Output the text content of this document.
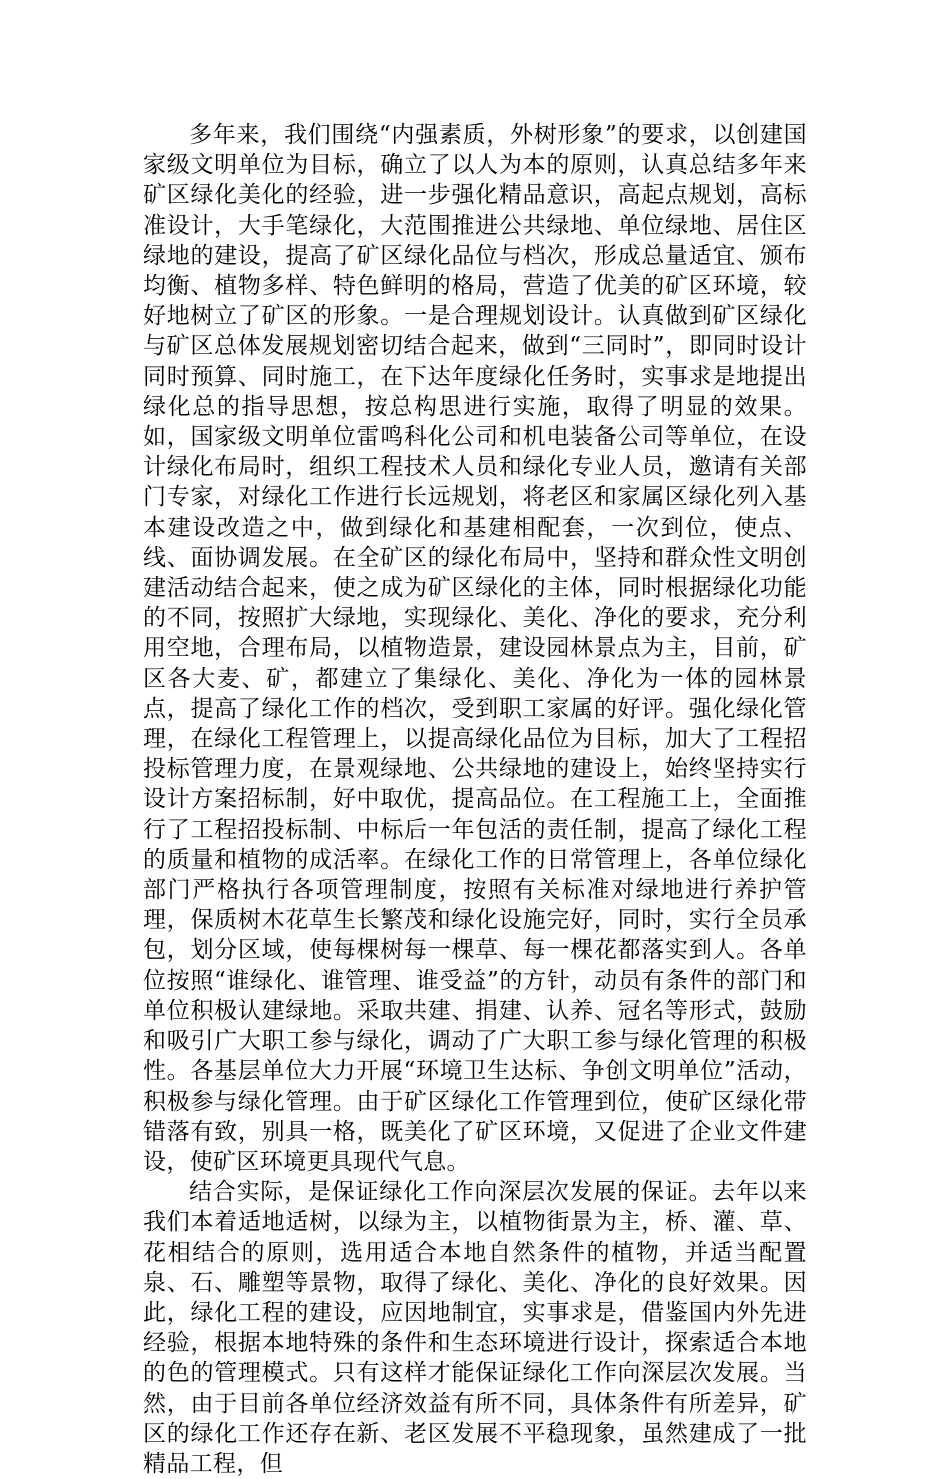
多年来，我们围绕“内强素质，外树形象”的要求，以创建国家级文明单位为目标，确立了以人为本的原则，认真总结多年来矿区绿化美化的经验，进一步强化精品意识，高起点规划，高标准设计，大手笔绿化，大范围推进公共绿地、单位绿地、居住区绿地的建设，提高了矿区绿化品位与档次，形成总量适宜、颁布均衡、植物多样、特色鲜明的格局，营造了优美的矿区环境，较好地树立了矿区的形象。一是合理规划设计。认真做到矿区绿化与矿区总体发展规划密切结合起来，做到“三同时”，即同时设计同时预算、同时施工，在下达年度绿化任务时，实事求是地提出绿化总的指导思想，按总构思进行实施，取得了明显的效果。如，国家级文明单位雷鸣科化公司和机电装备公司等单位，在设计绿化布局时，组织工程技术人员和绿化专业人员，邀请有关部门专家，对绿化工作进行长远规划，将老区和家属区绿化列入基本建设改造之中，做到绿化和基建相配套，一次到位，使点、线、面协调发展。在全矿区的绿化布局中，坚持和群众性文明创建活动结合起来，使之成为矿区绿化的主体，同时根据绿化功能的不同，按照扩大绿地，实现绿化、美化、净化的要求，充分利用空地，合理布局，以植物造景，建设园林景点为主，目前，矿区各大麦、矿，都建立了集绿化、美化、净化为一体的园林景点，提高了绿化工作的档次，受到职工家属的好评。强化绿化管理，在绿化工程管理上，以提高绿化品位为目标，加大了工程招投标管理力度，在景观绿地、公共绿地的建设上，始终坚持实行设计方案招标制，好中取优，提高品位。在工程施工上，全面推行了工程招投标制、中标后一年包活的责任制，提高了绿化工程的质量和植物的成活率。在绿化工作的日常管理上，各单位绿化部门严格执行各项管理制度，按照有关标准对绿地进行养护管理，保质树木花草生长繁茂和绿化设施完好，同时，实行全员承包，划分区域，使每棵树每一棵草、每一棵花都落实到人。各单位按照“谁绿化、谁管理、谁受益”的方针，动员有条件的部门和单位积极认建绿地。采取共建、捐建、认养、冠名等形式，鼓励和吸引广大职工参与绿化，调动了广大职工参与绿化管理的积极性。各基层单位大力开展“环境卫生达标、争创文明单位”活动，积极参与绿化管理。由于矿区绿化工作管理到位，使矿区绿化带错落有致，别具一格，既美化了矿区环境，又促进了企业文件建设，使矿区环境更具现代气息。

结合实际，是保证绿化工作向深层次发展的保证。去年以来我们本着适地适树，以绿为主，以植物街景为主，桥、灌、草、花相结合的原则，选用适合本地自然条件的植物，并适当配置泉、石、雕塑等景物，取得了绿化、美化、净化的良好效果。因此，绿化工程的建设，应因地制宜，实事求是，借鉴国内外先进经验，根据本地特殊的条件和生态环境进行设计，探索适合本地的色的管理模式。只有这样才能保证绿化工作向深层次发展。当然，由于目前各单位经济效益有所不同，具体条件有所差异，矿区的绿化工作还存在新、老区发展不平稳现象，虽然建成了一批精品工程，但
